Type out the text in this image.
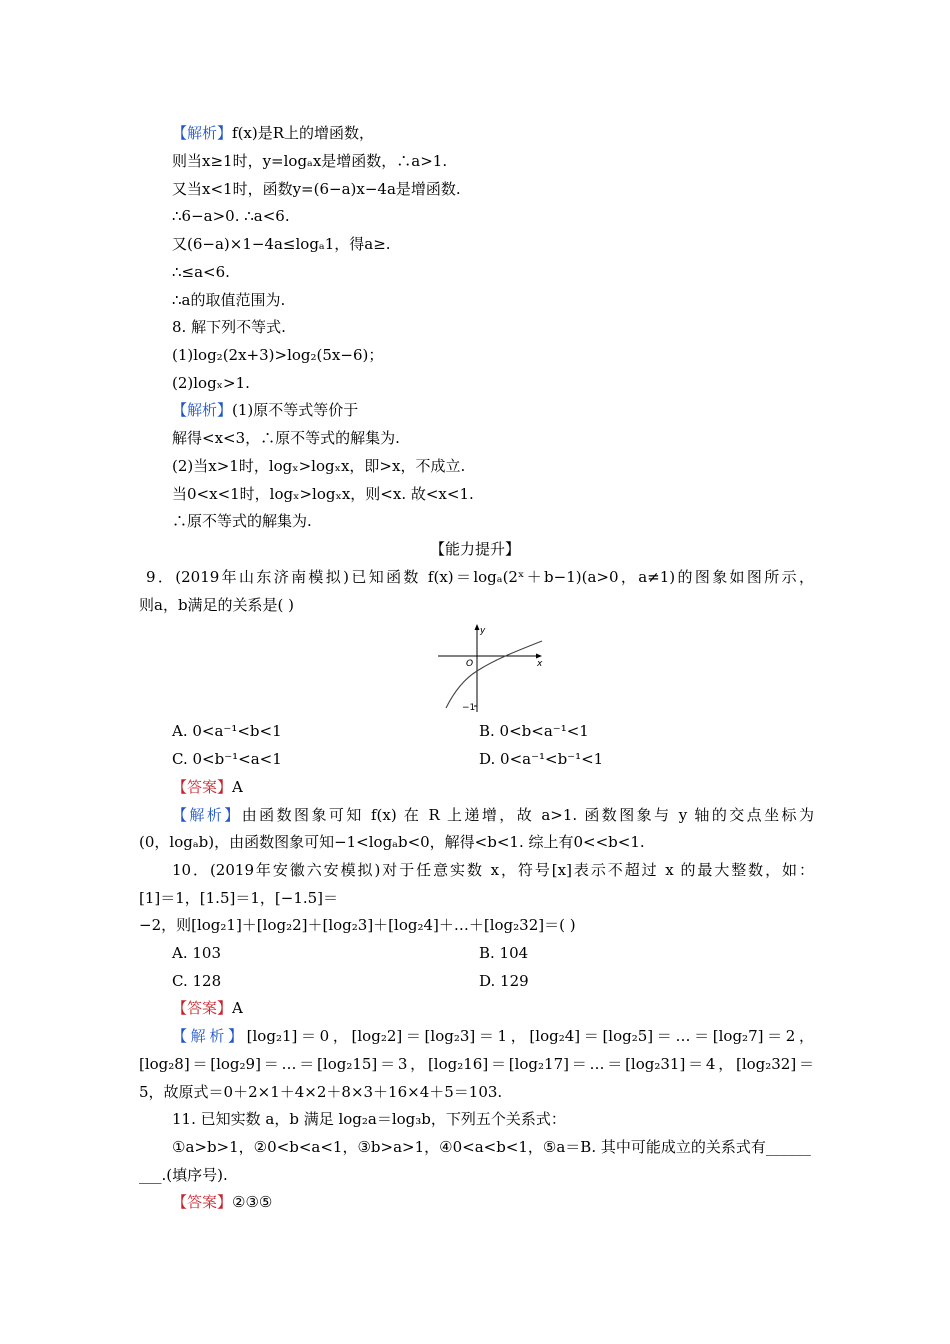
【解析】f(x)是R上的增函数，
则当x≥1时，y=logₐx是增函数，∴a>1.
又当x<1时，函数y=(6−a)x−4a是增函数.
∴6−a>0. ∴a<6.
又(6−a)×1−4a≤logₐ1，得a≥.
∴≤a<6.
∴a的取值范围为.
8. 解下列不等式.
(1)log₂(2x+3)>log₂(5x−6)；
(2)logₓ>1.
【解析】(1)原不等式等价于
解得<x<3，∴原不等式的解集为.
(2)当x>1时，logₓ>logₓx，即>x，不成立.
当0<x<1时，logₓ>logₓx，则<x. 故<x<1.
∴原不等式的解集为.
【能力提升】
9．(2019年山东济南模拟)已知函数 f(x)＝logₐ(2ˣ＋b−1)(a>0，a≠1)的图象如图所示，
则a，b满足的关系是( )
y
x
O
−1
A. 0<a⁻¹<b<1	B. 0<b<a⁻¹<1
C. 0<b⁻¹<a<1	D. 0<a⁻¹<b⁻¹<1
【答案】A
【解析】由函数图象可知 f(x) 在 R 上递增，故 a>1. 函数图象与 y 轴的交点坐标为
(0，logₐb)，由函数图象可知−1<logₐb<0，解得<b<1. 综上有0<<b<1.
10．(2019年安徽六安模拟)对于任意实数 x，符号[x]表示不超过 x 的最大整数，如：
[1]＝1，[1.5]＝1，[−1.5]＝
−2，则[log₂1]＋[log₂2]＋[log₂3]＋[log₂4]＋…＋[log₂32]＝( )
A. 103	B. 104
C. 128	D. 129
【答案】A
【解析】[log₂1]＝0，[log₂2]＝[log₂3]＝1，[log₂4]＝[log₂5]＝…＝[log₂7]＝2，
[log₂8]＝[log₂9]＝…＝[log₂15]＝3，[log₂16]＝[log₂17]＝…＝[log₂31]＝4，[log₂32]＝
5，故原式＝0＋2×1＋4×2＋8×3＋16×4＋5＝103.
11. 已知实数 a，b 满足 log₂a＝log₃b，下列五个关系式：
①a>b>1，②0<b<a<1，③b>a>1，④0<a<b<1，⑤a＝B. 其中可能成立的关系式有______
___.(填序号).
【答案】②③⑤
